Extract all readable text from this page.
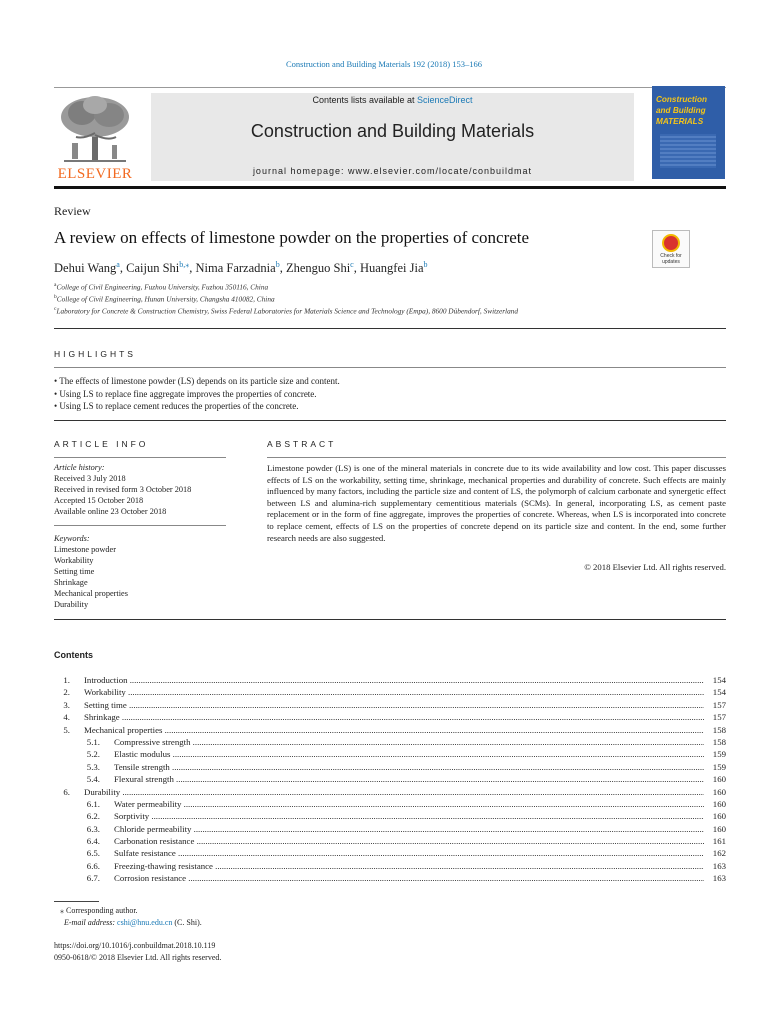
Construction and Building Materials 192 (2018) 153–166
ELSEVIER
Contents lists available at ScienceDirect
Construction and Building Materials
journal homepage: www.elsevier.com/locate/conbuildmat
Construction and Building MATERIALS
Review
A review on effects of limestone powder on the properties of concrete
Check for updates
Dehui Wang$^a$, Caijun Shi$^{b,⁎}$, Nima Farzadnia$^b$, Zhenguo Shi$^c$, Huangfei Jia$^b$
$^a$College of Civil Engineering, Fuzhou University, Fuzhou 350116, China
$^b$College of Civil Engineering, Hunan University, Changsha 410082, China
$^c$Laboratory for Concrete & Construction Chemistry, Swiss Federal Laboratories for Materials Science and Technology (Empa), 8600 Dübendorf, Switzerland
HIGHLIGHTS
• The effects of limestone powder (LS) depends on its particle size and content.
• Using LS to replace fine aggregate improves the properties of concrete.
• Using LS to replace cement reduces the properties of the concrete.
ARTICLE INFO
Article history:
Received 3 July 2018
Received in revised form 3 October 2018
Accepted 15 October 2018
Available online 23 October 2018
Keywords:
Limestone powder
Workability
Setting time
Shrinkage
Mechanical properties
Durability
ABSTRACT
Limestone powder (LS) is one of the mineral materials in concrete due to its wide availability and low cost. This paper discusses effects of LS on the workability, setting time, shrinkage, mechanical properties and durability of concrete. Such effects are mainly influenced by many factors, including the particle size and content of LS, the polymorph of calcium carbonate and synergetic effect between LS and alumina-rich supplementary cementitious materials (SCMs). In general, incorporating LS, as cement paste replacement or in the form of fine aggregate, improves the properties of concrete. Whereas, when LS is incorporated into concrete to replace cement, effects of LS on the properties of concrete depend on its particle size and content. In the end, some further research needs are also suggested.
© 2018 Elsevier Ltd. All rights reserved.
Contents
1. Introduction .....	154
2. Workability .....	154
3. Setting time .....	157
4. Shrinkage .....	157
5. Mechanical properties .....	158
5.1. Compressive strength .....	158
5.2. Elastic modulus .....	159
5.3. Tensile strength .....	159
5.4. Flexural strength .....	160
6. Durability .....	160
6.1. Water permeability .....	160
6.2. Sorptivity .....	160
6.3. Chloride permeability .....	160
6.4. Carbonation resistance .....	161
6.5. Sulfate resistance .....	162
6.6. Freezing-thawing resistance .....	163
6.7. Corrosion resistance .....	163
⁎ Corresponding author.
E-mail address: cshi@hnu.edu.cn (C. Shi).
https://doi.org/10.1016/j.conbuildmat.2018.10.119
0950-0618/© 2018 Elsevier Ltd. All rights reserved.
